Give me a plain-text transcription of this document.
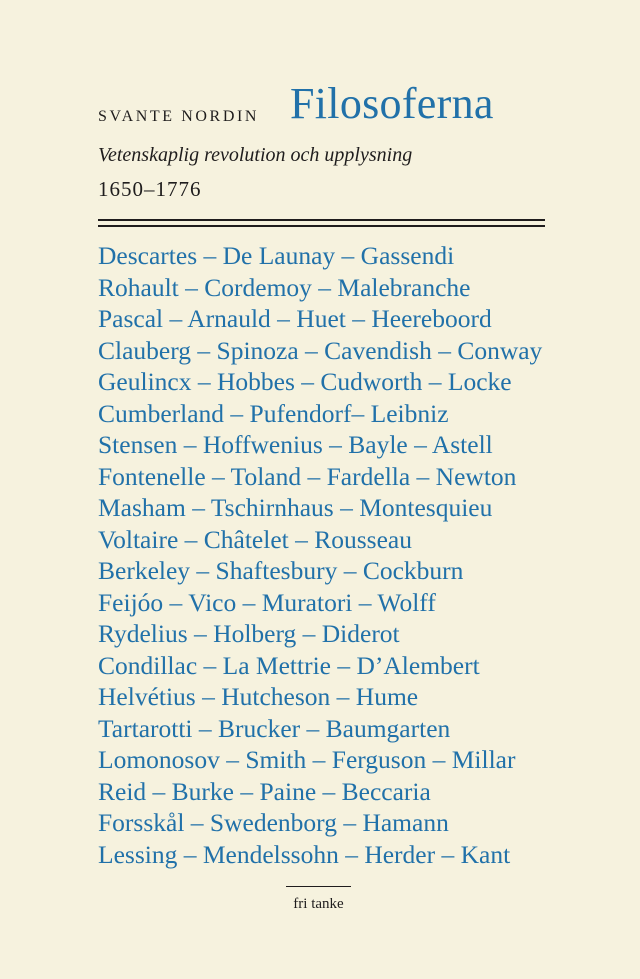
SVANTE NORDIN Filosoferna
Vetenskaplig revolution och upplysning
1650–1776
Descartes – De Launay – Gassendi
Rohault – Cordemoy – Malebranche
Pascal – Arnauld – Huet – Heereboord
Clauberg – Spinoza – Cavendish – Conway
Geulincx – Hobbes – Cudworth – Locke
Cumberland – Pufendorf– Leibniz
Stensen – Hoffwenius – Bayle – Astell
Fontenelle – Toland – Fardella – Newton
Masham – Tschirnhaus – Montesquieu
Voltaire – Châtelet – Rousseau
Berkeley – Shaftesbury – Cockburn
Feijóo – Vico – Muratori – Wolff
Rydelius – Holberg – Diderot
Condillac – La Mettrie – D’Alembert
Helvétius – Hutcheson – Hume
Tartarotti – Brucker – Baumgarten
Lomonosov – Smith – Ferguson – Millar
Reid – Burke – Paine – Beccaria
Forsskål – Swedenborg – Hamann
Lessing – Mendelssohn – Herder – Kant
fri tanke
